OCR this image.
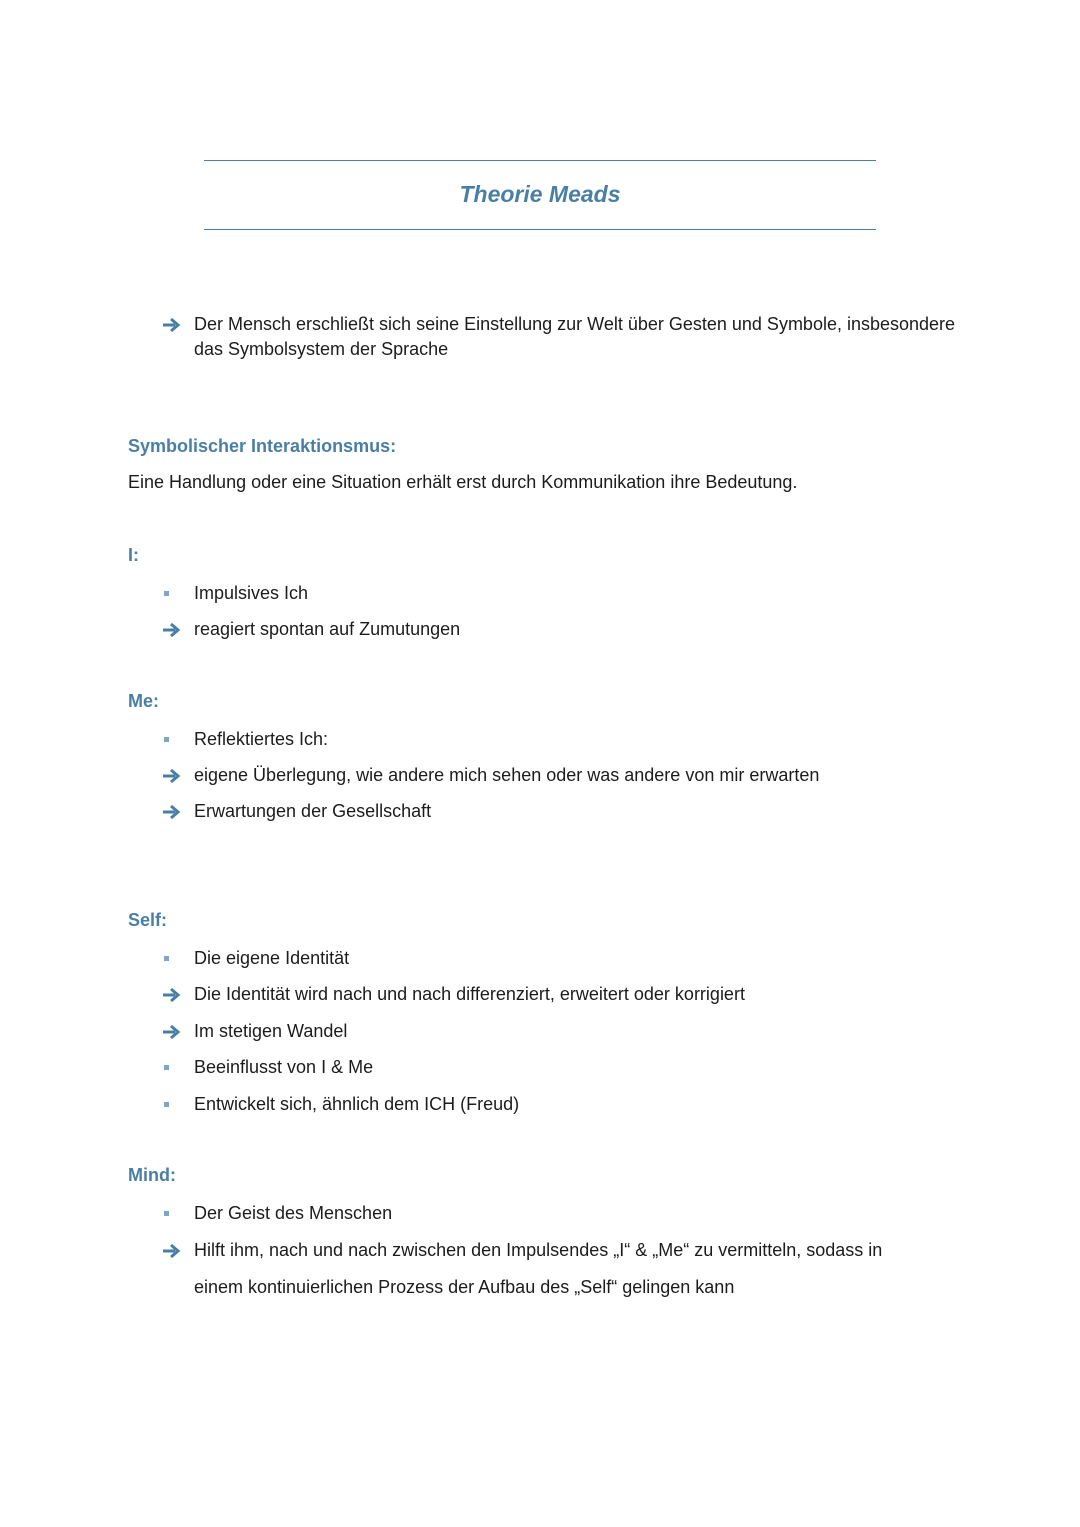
Theorie Meads
Der Mensch erschließt sich seine Einstellung zur Welt über Gesten und Symbole, insbesondere das Symbolsystem der Sprache
Symbolischer Interaktionsmus:
Eine Handlung oder eine Situation erhält erst durch Kommunikation ihre Bedeutung.
I:
Impulsives Ich
reagiert spontan auf Zumutungen
Me:
Reflektiertes Ich:
eigene Überlegung, wie andere mich sehen oder was andere von mir erwarten
Erwartungen der Gesellschaft
Self:
Die eigene Identität
Die Identität wird nach und nach differenziert, erweitert oder korrigiert
Im stetigen Wandel
Beeinflusst von I & Me
Entwickelt sich, ähnlich dem ICH (Freud)
Mind:
Der Geist des Menschen
Hilft ihm, nach und nach zwischen den Impulsendes „I“ & „Me“ zu vermitteln, sodass in
einem kontinuierlichen Prozess der Aufbau des „Self“ gelingen kann
